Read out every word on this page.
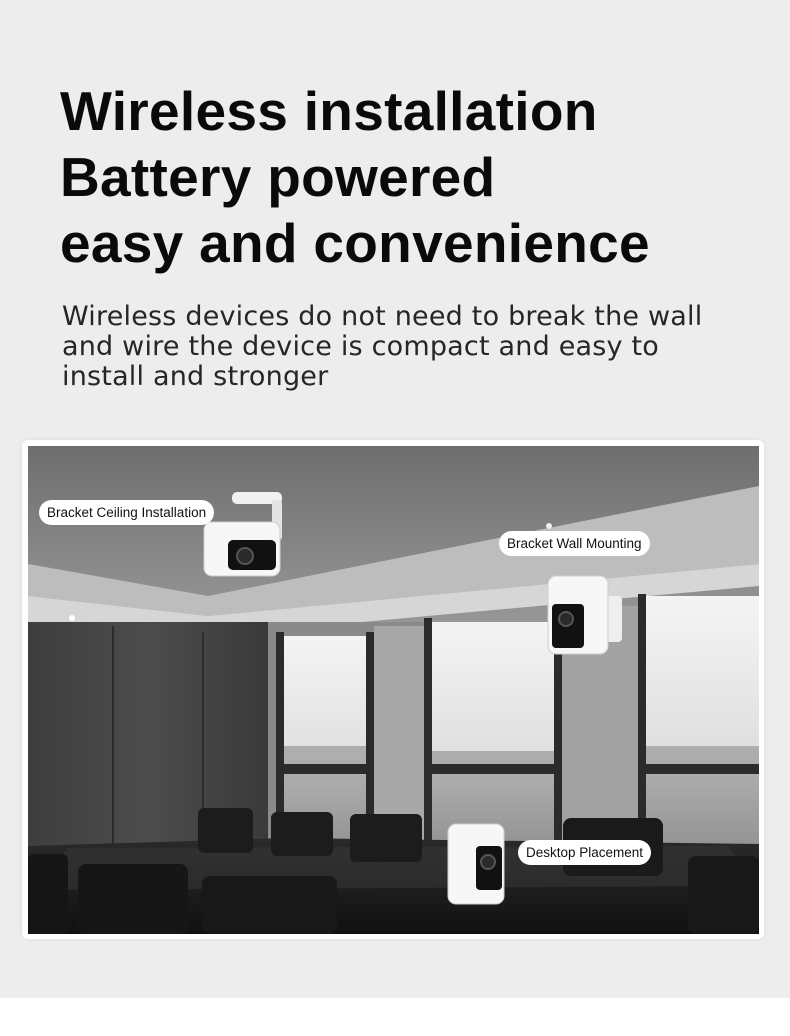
Wireless installation
Battery powered
easy and convenience

Wireless devices do not need to break the wall and wire the device is compact and easy to install and stronger

Bracket Ceiling Installation
Bracket Wall Mounting
Desktop Placement
